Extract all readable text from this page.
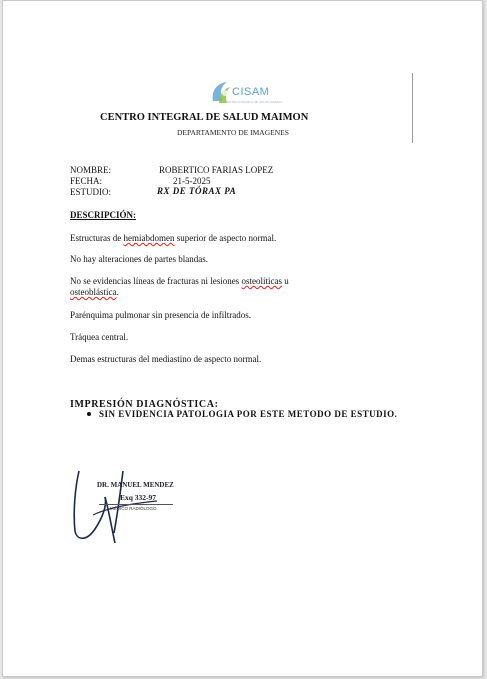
CISAM
CENTRO INTEGRAL DE SALUD MAIMON
CENTRO INTEGRAL DE SALUD MAIMON
DEPARTAMENTO DE IMAGENES
NOMBRE:	ROBERTICO FARIAS LOPEZ
FECHA:	21-5-2025
ESTUDIO:	RX DE TÓRAX PA
DESCRIPCIÓN:
Estructuras de hemiabdomen superior de aspecto normal.
No hay alteraciones de partes blandas.
No se evidencias líneas de fracturas ni lesiones osteolíticas u
osteoblástica.
Parénquima pulmonar sin presencia de infiltrados.
Tráquea central.
Demas estructuras del mediastino de aspecto normal.
IMPRESIÓN DIAGNÓSTICA:
SIN EVIDENCIA PATOLOGIA POR ESTE METODO DE ESTUDIO.
DR. MANUEL MENDEZ
Exq 332-97
MÉDICO RADIÓLOGO
